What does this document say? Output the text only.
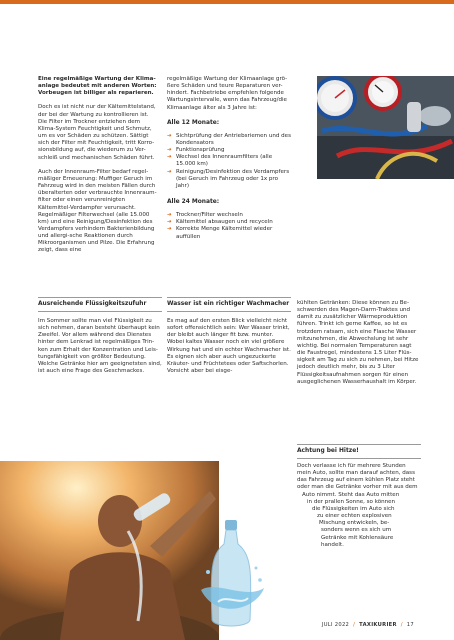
Eine regelmäßige Wartung der Klima-anlage bedeutet mit anderen Worten: Vorbeugen ist billiger als reparieren.

Doch es ist nicht nur der Kältemittelstand, der bei der Wartung zu kontrollieren ist. Die Filter im Trockner entziehen dem Klima-System Feuchtigkeit und Schmutz, um es vor Schäden zu schützen. Sättigt sich der Filter mit Feuchtigkeit, tritt Korro-sionsbildung auf, die wiederum zu Ver-schleiß und mechanischen Schäden führt.

Auch der Innenraum-Filter bedarf regel-mäßiger Erneuerung: Muffiger Geruch im Fahrzeug wird in den meisten Fällen durch überalterten oder verbrauchte Innenraum-filter oder einen verunreinigten Kältemittel-Verdampfer verursacht. Regelmäßiger Filterwechsel (alle 15.000 km) und eine Reinigung/Desinfektion des Verdampfers verhindern Bakterienbildung und allergi-sche Reaktionen durch Mikroorganismen und Pilze. Die Erfahrung zeigt, dass eine

regelmäßige Wartung der Klimaanlage grö-ßere Schäden und teure Reparaturen ver-hindert. Fachbetriebe empfehlen folgende Wartungsintervalle, wenn das Fahrzeug/die Klimaanlage älter als 3 Jahre ist:

Alle 12 Monate:
➔ Sichtprüfung der Antriebsriemen und des Kondensators
➔ Funktionsprüfung
➔ Wechsel des Innenraumfilters (alle 15.000 km)
➔ Reinigung/Desinfektion des Verdampfers (bei Geruch im Fahrzeug oder 1x pro Jahr)
Alle 24 Monate:
➔ Trockner/Filter wechseln
➔ Kältemittel absaugen und recyceln
➔ Korrekte Menge Kältemittel wieder auffüllen
Ausreichende Flüssigkeitszufuhr

Im Sommer sollte man viel Flüssigkeit zu sich nehmen, daran besteht überhaupt kein Zweifel. Vor allem während des Dienstes hinter dem Lenkrad ist regelmäßiges Trin-ken zum Erhalt der Konzentration und Leis-tungsfähigkeit von größter Bedeutung. Welche Getränke hier am geeignetsten sind, ist auch eine Frage des Geschmackes.

Wasser ist ein richtiger Wachmacher

Es mag auf den ersten Blick vielleicht nicht sofort offensichtlich sein: Wer Wasser trinkt, der bleibt auch länger fit bzw. munter. Wobei kaltes Wasser noch ein viel größere Wirkung hat und ein echter Wachmacher ist. Es eignen sich aber auch ungezuckerte Kräuter- und Früchtetees oder Saftschorlen. Vorsicht aber bei eisge-

kühlten Getränken: Diese können zu Be-schwerden des Magen-Darm-Traktes und damit zu zusätzlicher Wärmeproduktion führen. Trinkt ich gerne Kaffee, so ist es trotzdem ratsam, sich eine Flasche Wasser mitzunehmen, die Abwechslung ist sehr wichtig. Bei normalen Temperaturen sagt die Faustregel, mindestens 1.5 Liter Flüs-sigkeit am Tag zu sich zu nehmen, bei Hitze jedoch deutlich mehr, bis zu 3 Liter Flüssigkeitsaufnahmen sorgen für einen ausgeglichenen Wasserhaushalt im Körper.

Achtung bei Hitze!
Doch verlasse ich für mehrere Stunden
mein Auto, sollte man darauf achten, dass
das Fahrzeug auf einem kühlen Platz steht
oder man die Getränke vorher mit aus dem
Auto nimmt. Steht das Auto mitten
in der prallen Sonne, so können
die Flüssigkeiten im Auto sich
zu einer echten explosiven
Mischung entwickeln, be-
sonders wenn es sich um
Getränke mit Kohlensäure
handelt.
JULI 2022 / TAXIKURIER / 17
